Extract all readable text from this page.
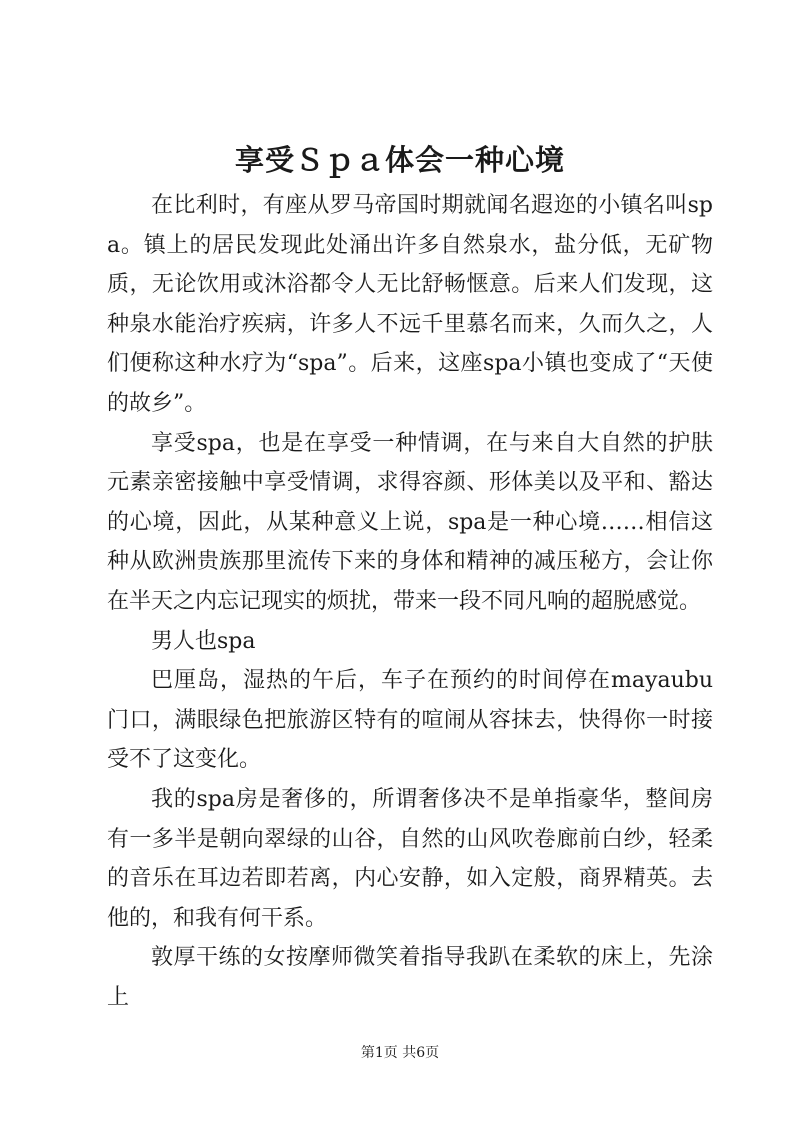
享受Ｓｐａ体会一种心境

在比利时，有座从罗马帝国时期就闻名遐迩的小镇名叫spa。镇上的居民发现此处涌出许多自然泉水，盐分低，无矿物质，无论饮用或沐浴都令人无比舒畅惬意。后来人们发现，这种泉水能治疗疾病，许多人不远千里慕名而来，久而久之，人们便称这种水疗为“spa”。后来，这座spa小镇也变成了“天使的故乡”。

享受spa，也是在享受一种情调，在与来自大自然的护肤元素亲密接触中享受情调，求得容颜、形体美以及平和、豁达的心境，因此，从某种意义上说，spa是一种心境……相信这种从欧洲贵族那里流传下来的身体和精神的减压秘方，会让你在半天之内忘记现实的烦扰，带来一段不同凡响的超脱感觉。

男人也spa

巴厘岛，湿热的午后，车子在预约的时间停在mayaubu门口，满眼绿色把旅游区特有的喧闹从容抹去，快得你一时接受不了这变化。

我的spa房是奢侈的，所谓奢侈决不是单指豪华，整间房有一多半是朝向翠绿的山谷，自然的山风吹卷廊前白纱，轻柔的音乐在耳边若即若离，内心安静，如入定般，商界精英。去他的，和我有何干系。

敦厚干练的女按摩师微笑着指导我趴在柔软的床上，先涂上

第1页 共6页
